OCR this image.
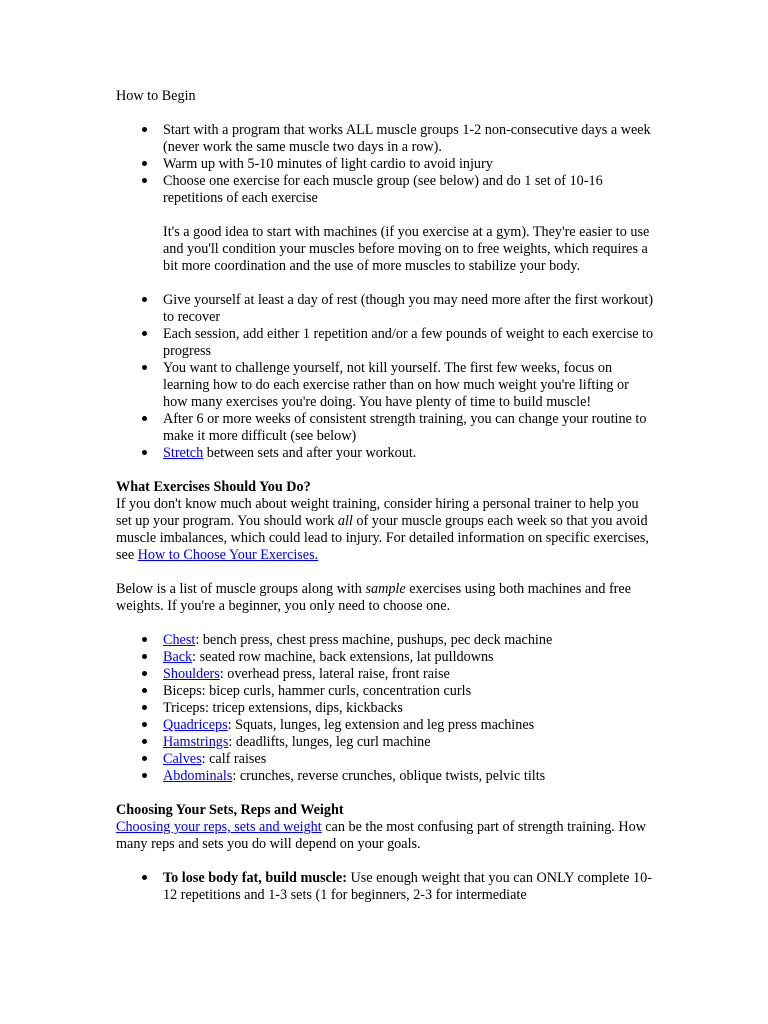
How to Begin

Start with a program that works ALL muscle groups 1-2 non-consecutive days a week (never work the same muscle two days in a row).
Warm up with 5-10 minutes of light cardio to avoid injury
Choose one exercise for each muscle group (see below) and do 1 set of 10-16 repetitions of each exercise

It's a good idea to start with machines (if you exercise at a gym). They're easier to use and you'll condition your muscles before moving on to free weights, which requires a bit more coordination and the use of more muscles to stabilize your body.

Give yourself at least a day of rest (though you may need more after the first workout) to recover
Each session, add either 1 repetition and/or a few pounds of weight to each exercise to progress
You want to challenge yourself, not kill yourself. The first few weeks, focus on learning how to do each exercise rather than on how much weight you're lifting or how many exercises you're doing. You have plenty of time to build muscle!
After 6 or more weeks of consistent strength training, you can change your routine to make it more difficult (see below)
Stretch between sets and after your workout.
What Exercises Should You Do?

If you don't know much about weight training, consider hiring a personal trainer to help you set up your program. You should work all of your muscle groups each week so that you avoid muscle imbalances, which could lead to injury. For detailed information on specific exercises, see How to Choose Your Exercises.

Below is a list of muscle groups along with sample exercises using both machines and free weights. If you're a beginner, you only need to choose one.

Chest: bench press, chest press machine, pushups, pec deck machine
Back: seated row machine, back extensions, lat pulldowns
Shoulders: overhead press, lateral raise, front raise
Biceps: bicep curls, hammer curls, concentration curls
Triceps: tricep extensions, dips, kickbacks
Quadriceps: Squats, lunges, leg extension and leg press machines
Hamstrings: deadlifts, lunges, leg curl machine
Calves: calf raises
Abdominals: crunches, reverse crunches, oblique twists, pelvic tilts
Choosing Your Sets, Reps and Weight

Choosing your reps, sets and weight can be the most confusing part of strength training. How many reps and sets you do will depend on your goals.

To lose body fat, build muscle: Use enough weight that you can ONLY complete 10-12 repetitions and 1-3 sets (1 for beginners, 2-3 for intermediate
